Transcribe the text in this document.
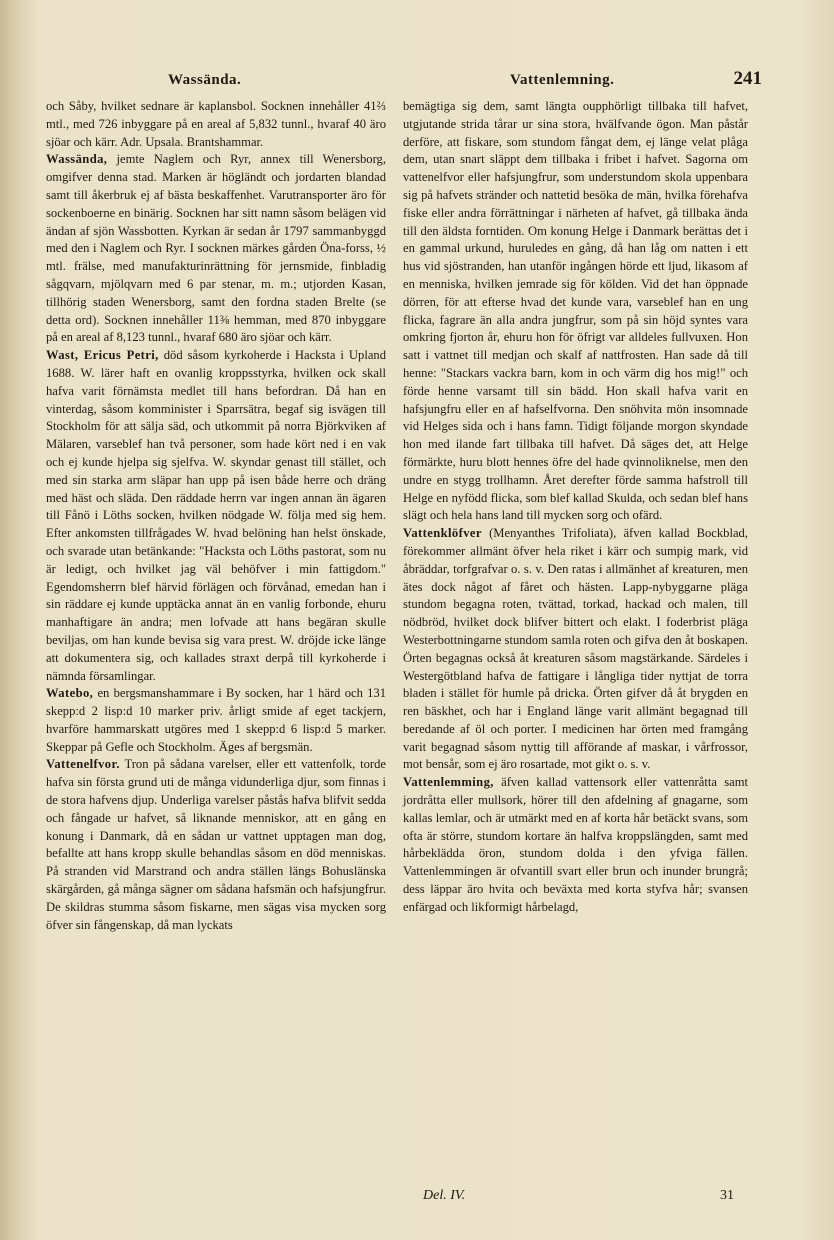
Wassända.	Vattenlemning.	241

och Såby, hvilket sednare är kaplansbol. Socknen innehåller 41⅔ mtl., med 726 inbyggare på en areal af 5,832 tunnl., hvaraf 40 äro sjöar och kärr. Adr. Upsala. Brantshammar.

Wassända, jemte Naglem och Ryr, annex till Wenersborg, omgifver denna stad. Marken är högländt och jordarten blandad samt till åkerbruk ej af bästa beskaffenhet. Varutransporter äro för sockenboerne en binärig. Socknen har sitt namn såsom belägen vid ändan af sjön Wassbotten. Kyrkan är sedan år 1797 sammanbyggd med den i Naglem och Ryr. I socknen märkes gården Öna-forss, ½ mtl. frälse, med manufakturinrättning för jernsmide, finbladig sågqvarn, mjölqvarn med 6 par stenar, m. m.; utjorden Kasan, tillhörig staden Wenersborg, samt den fordna staden Brelte (se detta ord). Socknen innehåller 11⅜ hemman, med 870 inbyggare på en areal af 8,123 tunnl., hvaraf 680 äro sjöar och kärr.

Wast, Ericus Petri, död såsom kyrkoherde i Hacksta i Upland 1688. W. lärer haft en ovanlig kroppsstyrka, hvilken ock skall hafva varit förnämsta medlet till hans befordran. Då han en vinterdag, såsom komminister i Sparrsätra, begaf sig isvägen till Stockholm för att sälja säd, och utkommit på norra Björkviken af Mälaren, varseblef han två personer, som hade kört ned i en vak och ej kunde hjelpa sig sjelfva. W. skyndar genast till stället, och med sin starka arm släpar han upp på isen både herre och dräng med häst och släda. Den räddade herrn var ingen annan än ägaren till Fånö i Löths socken, hvilken nödgade W. följa med sig hem. Efter ankomsten tillfrågades W. hvad belöning han helst önskade, och svarade utan betänkande: "Hacksta och Löths pastorat, som nu är ledigt, och hvilket jag väl behöfver i min fattigdom." Egendomsherrn blef härvid förlägen och förvånad, emedan han i sin räddare ej kunde upptäcka annat än en vanlig forbonde, ehuru manhaftigare än andra; men lofvade att hans begäran skulle beviljas, om han kunde bevisa sig vara prest. W. dröjde icke länge att dokumentera sig, och kallades straxt derpå till kyrkoherde i nämnda församlingar.

Watebo, en bergsmanshammare i By socken, har 1 härd och 131 skepp:d 2 lisp:d 10 marker priv. årligt smide af eget tackjern, hvarföre hammarskatt utgöres med 1 skepp:d 6 lisp:d 5 marker. Skeppar på Gefle och Stockholm. Äges af bergsmän.

Vattenelfvor. Tron på sådana varelser, eller ett vattenfolk, torde hafva sin första grund uti de många vidunderliga djur, som finnas i de stora hafvens djup. Underliga varelser påstås hafva blifvit sedda och fångade ur hafvet, så liknande menniskor, att en gång en konung i Danmark, då en sådan ur vattnet upptagen man dog, befallte att hans kropp skulle behandlas såsom en död menniskas. På stranden vid Marstrand och andra ställen längs Bohuslänska skärgården, gå många sägner om sådana hafsmän och hafsjungfrur. De skildras stumma såsom fiskarne, men sägas visa mycken sorg öfver sin fångenskap, då man lyckats

bemägtiga sig dem, samt längta oupphörligt tillbaka till hafvet, utgjutande strida tårar ur sina stora, hvälfvande ögon. Man påstår derföre, att fiskare, som stundom fångat dem, ej länge velat plåga dem, utan snart släppt dem tillbaka i fribet i hafvet. Sagorna om vattenelfvor eller hafsjungfrur, som understundom skola uppenbara sig på hafvets stränder och nattetid besöka de män, hvilka förehafva fiske eller andra förrättningar i närheten af hafvet, gå tillbaka ända till den äldsta forntiden. Om konung Helge i Danmark berättas det i en gammal urkund, huruledes en gång, då han låg om natten i ett hus vid sjöstranden, han utanför ingången hörde ett ljud, likasom af en menniska, hvilken jemrade sig för kölden. Vid det han öppnade dörren, för att efterse hvad det kunde vara, varseblef han en ung flicka, fagrare än alla andra jungfrur, som på sin höjd syntes vara omkring fjorton år, ehuru hon för öfrigt var alldeles fullvuxen. Hon satt i vattnet till medjan och skalf af nattfrosten. Han sade då till henne: "Stackars vackra barn, kom in och värm dig hos mig!" och förde henne varsamt till sin bädd. Hon skall hafva varit en hafsjungfru eller en af hafselfvorna. Den snöhvita mön insomnade vid Helges sida och i hans famn. Tidigt följande morgon skyndade hon med ilande fart tillbaka till hafvet. Då säges det, att Helge förmärkte, huru blott hennes öfre del hade qvinnoliknelse, men den undre en stygg trollhamn. Året derefter förde samma hafstroll till Helge en nyfödd flicka, som blef kallad Skulda, och sedan blef hans slägt och hela hans land till mycken sorg och ofärd.

Vattenklöfver (Menyanthes Trifoliata), äfven kallad Bockblad, förekommer allmänt öfver hela riket i kärr och sumpig mark, vid åbräddar, torfgrafvar o. s. v. Den ratas i allmänhet af kreaturen, men ätes dock något af fåret och hästen. Lapp-nybyggarne pläga stundom begagna roten, tvättad, torkad, hackad och malen, till nödbröd, hvilket dock blifver bittert och elakt. I foderbrist pläga Westerbottningarne stundom samla roten och gifva den åt boskapen. Örten begagnas också åt kreaturen såsom magstärkande. Särdeles i Westergötbland hafva de fattigare i långliga tider nyttjat de torra bladen i stället för humle på dricka. Örten gifver då åt brygden en ren bäskhet, och har i England länge varit allmänt begagnad till beredande af öl och porter. I medicinen har örten med framgång varit begagnad såsom nyttig till afförande af maskar, i vårfrossor, mot bensår, som ej äro rosartade, mot gikt o. s. v.

Vattenlemming, äfven kallad vattensork eller vattenråtta samt jordråtta eller mullsork, hörer till den afdelning af gnagarne, som kallas lemlar, och är utmärkt med en af korta hår betäckt svans, som ofta är större, stundom kortare än halfva kroppslängden, samt med hårbeklädda öron, stundom dolda i den yfviga fällen. Vattenlemmingen är ofvantill svart eller brun och inunder brungrå; dess läppar äro hvita och beväxta med korta styfva hår; svansen enfärgad och likformigt hårbelagd,

Del. IV.	31
